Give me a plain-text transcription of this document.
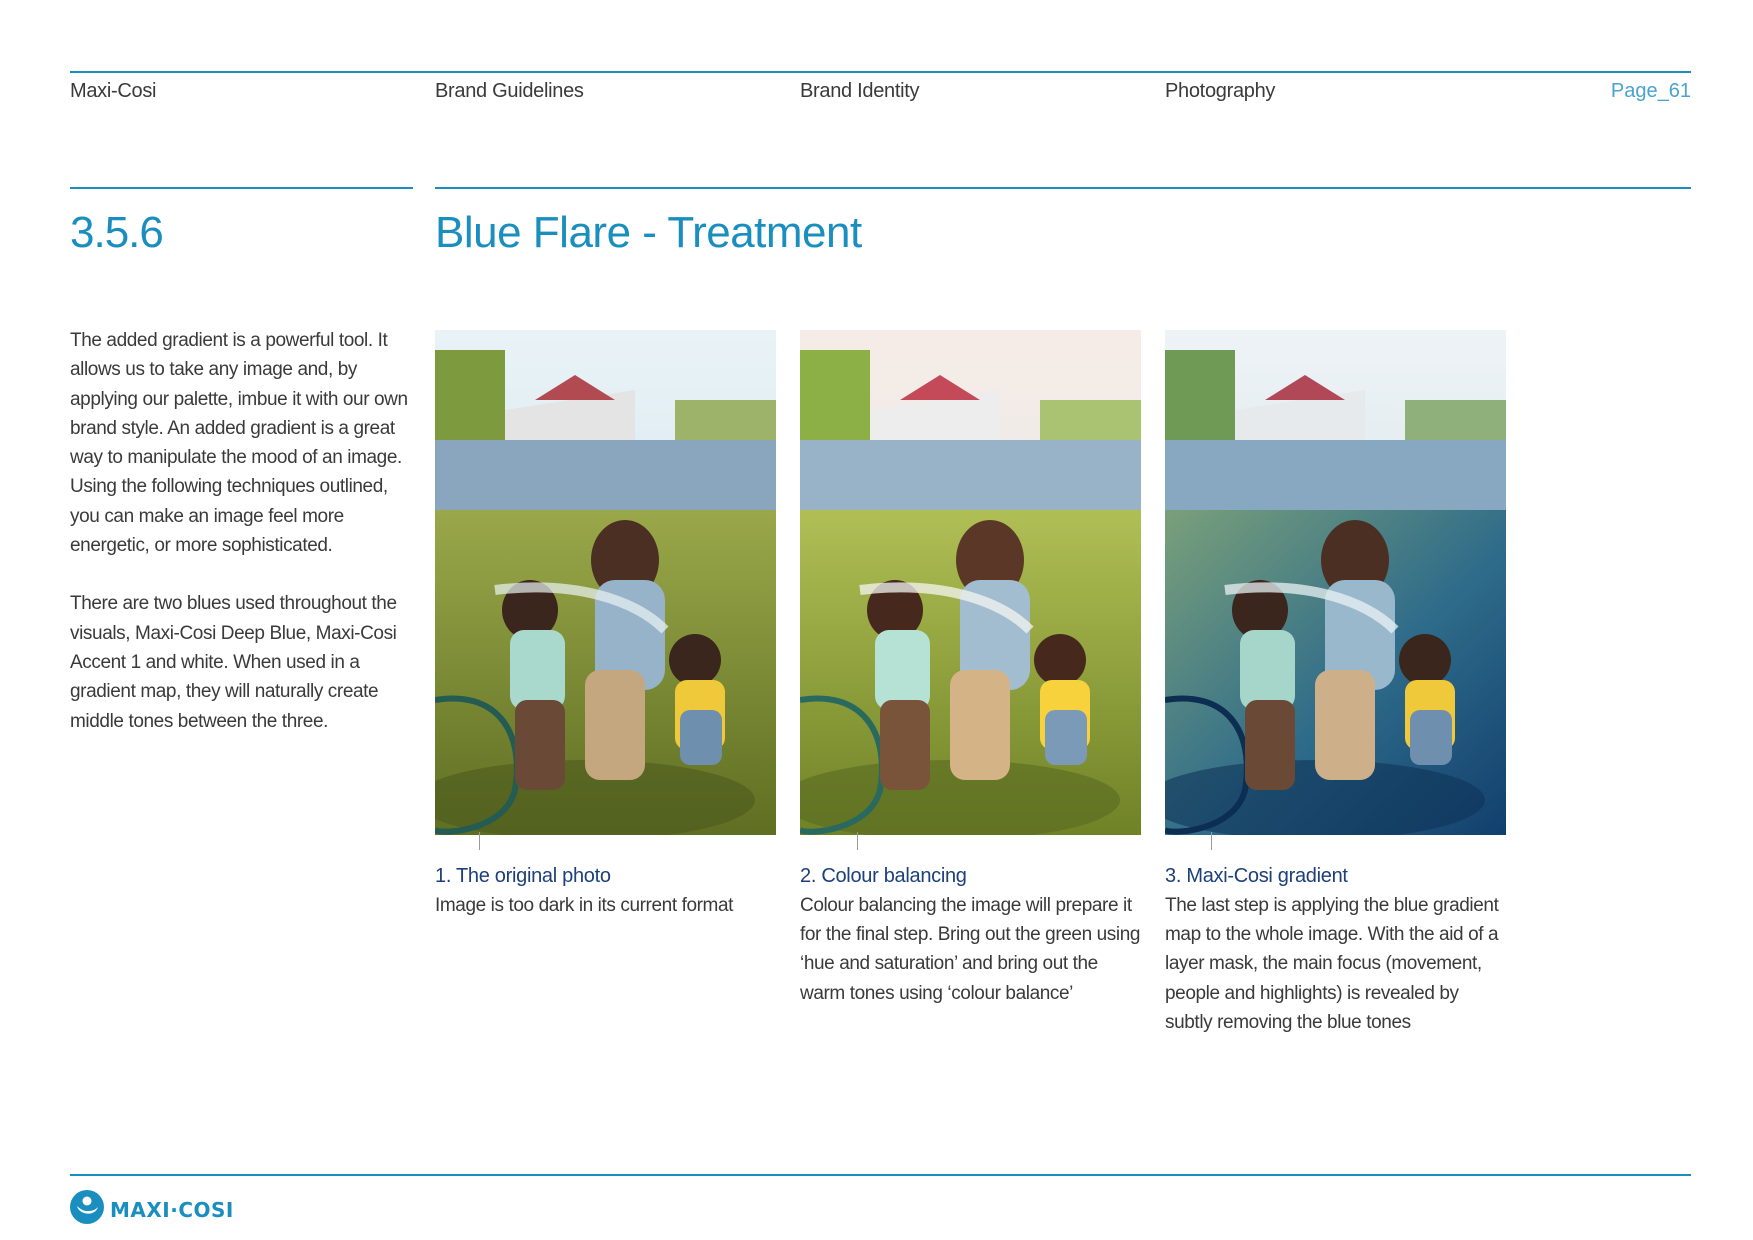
Maxi-Cosi	Brand Guidelines	Brand Identity	Photography	Page_61
3.5.6	Blue Flare - Treatment

The added gradient is a powerful tool. It allows us to take any image and, by applying our palette, imbue it with our own brand style. An added gradient is a great way to manipulate the mood of an image. Using the following techniques outlined, you can make an image feel more energetic, or more sophisticated.

There are two blues used throughout the visuals, Maxi-Cosi Deep Blue, Maxi-Cosi Accent 1 and white. When used in a gradient map, they will naturally create middle tones between the three.

1. The original photo
Image is too dark in its current format
2. Colour balancing
Colour balancing the image will prepare it for the final step. Bring out the green using ‘hue and saturation’ and bring out the warm tones using ‘colour balance’
3. Maxi-Cosi gradient
The last step is applying the blue gradient map to the whole image. With the aid of a layer mask, the main focus (movement, people and highlights) is revealed by subtly removing the blue tones
MAXI·COSI
